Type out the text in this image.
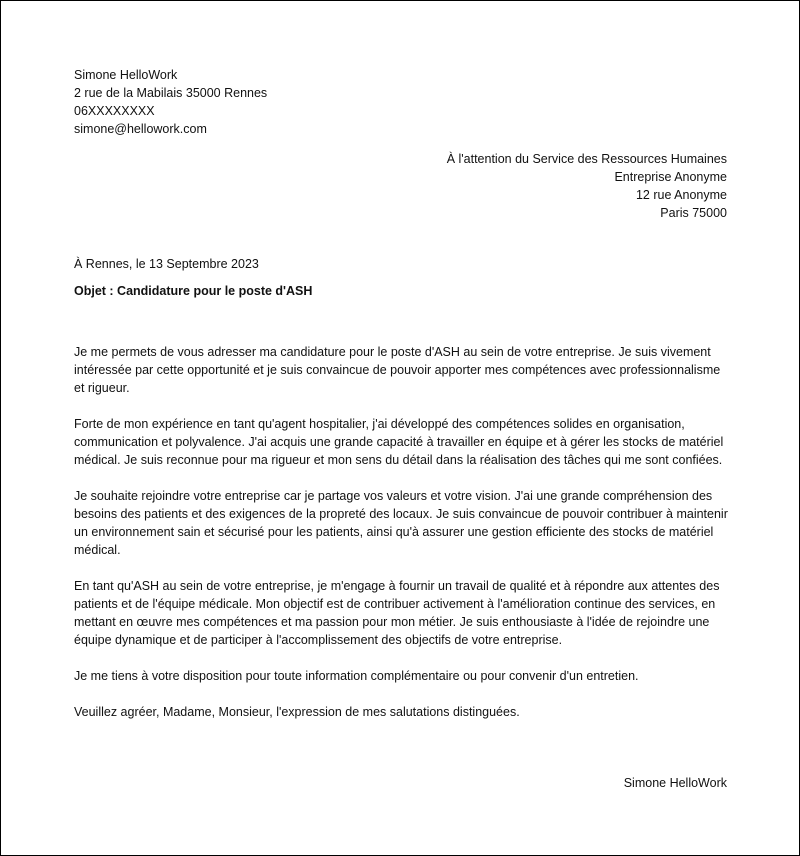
Simone HelloWork
2 rue de la Mabilais 35000 Rennes
06XXXXXXXX
simone@hellowork.com
À l'attention du Service des Ressources Humaines
Entreprise Anonyme
12 rue Anonyme
Paris 75000
À Rennes, le 13 Septembre 2023
Objet : Candidature pour le poste d'ASH

Je me permets de vous adresser ma candidature pour le poste d'ASH au sein de votre entreprise. Je suis vivement intéressée par cette opportunité et je suis convaincue de pouvoir apporter mes compétences avec professionnalisme et rigueur.

Forte de mon expérience en tant qu'agent hospitalier, j'ai développé des compétences solides en organisation, communication et polyvalence. J'ai acquis une grande capacité à travailler en équipe et à gérer les stocks de matériel médical. Je suis reconnue pour ma rigueur et mon sens du détail dans la réalisation des tâches qui me sont confiées.

Je souhaite rejoindre votre entreprise car je partage vos valeurs et votre vision. J'ai une grande compréhension des besoins des patients et des exigences de la propreté des locaux. Je suis convaincue de pouvoir contribuer à maintenir un environnement sain et sécurisé pour les patients, ainsi qu'à assurer une gestion efficiente des stocks de matériel médical.

En tant qu'ASH au sein de votre entreprise, je m'engage à fournir un travail de qualité et à répondre aux attentes des patients et de l'équipe médicale. Mon objectif est de contribuer activement à l'amélioration continue des services, en mettant en œuvre mes compétences et ma passion pour mon métier. Je suis enthousiaste à l'idée de rejoindre une équipe dynamique et de participer à l'accomplissement des objectifs de votre entreprise.

Je me tiens à votre disposition pour toute information complémentaire ou pour convenir d'un entretien.

Veuillez agréer, Madame, Monsieur, l'expression de mes salutations distinguées.

Simone HelloWork
